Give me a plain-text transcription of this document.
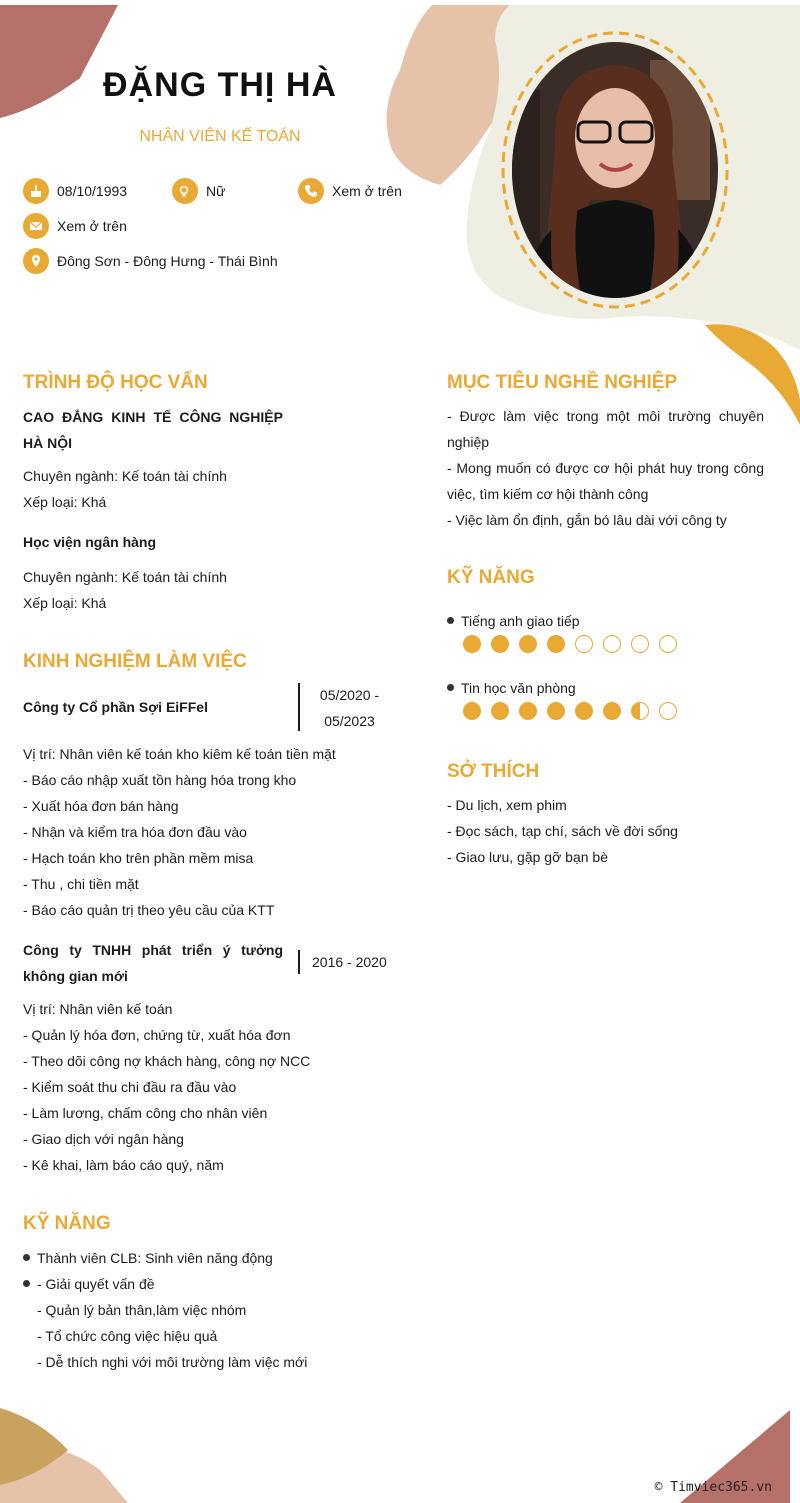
ĐẶNG THỊ HÀ
NHÂN VIÊN KẾ TOÁN
08/10/1993	Nữ	Xem ở trên
Xem ở trên
Đông Sơn - Đông Hưng - Thái Bình
TRÌNH ĐỘ HỌC VẤN
CAO ĐẲNG KINH TẾ CÔNG NGHIỆP HÀ NỘI
Chuyên ngành: Kế toán tài chính
Xếp loại: Khá
Học viện ngân hàng
Chuyên ngành: Kế toán tài chính
Xếp loại: Khá
KINH NGHIỆM LÀM VIỆC
Công ty Cổ phần Sợi EiFFel
05/2020 - 05/2023
Vị trí: Nhân viên kế toán kho kiêm kế toán tiền mặt
- Báo cáo nhập xuất tồn hàng hóa trong kho
- Xuất hóa đơn bán hàng
- Nhận và kiểm tra hóa đơn đầu vào
- Hạch toán kho trên phần mềm misa
- Thu , chi tiền mặt
- Báo cáo quản trị theo yêu cầu của KTT
Công ty TNHH phát triển ý tưởng không gian mới
2016 - 2020
Vị trí: Nhân viên kế toán
- Quản lý hóa đơn, chứng từ, xuất hóa đơn
- Theo dõi công nợ khách hàng, công nợ NCC
- Kiểm soát thu chi đầu ra đầu vào
- Làm lương, chấm công cho nhân viên
- Giao dịch với ngân hàng
- Kê khai, làm báo cáo quý, năm
KỸ NĂNG
Thành viên CLB: Sinh viên năng động
- Giải quyết vấn đề
- Quản lý bản thân,làm việc nhóm
- Tổ chức công việc hiệu quả
- Dễ thích nghi với môi trường làm việc mới
MỤC TIÊU NGHỀ NGHIỆP
- Được làm việc trong một môi trường chuyên nghiệp
- Mong muốn có được cơ hội phát huy trong công việc, tìm kiếm cơ hội thành công
- Việc làm ổn định, gắn bó lâu dài với công ty
KỸ NĂNG
Tiếng anh giao tiếp
Tin học văn phòng
SỞ THÍCH
- Du lịch, xem phim
- Đọc sách, tạp chí, sách về đời sống
- Giao lưu, gặp gỡ bạn bè
© Timviec365.vn
